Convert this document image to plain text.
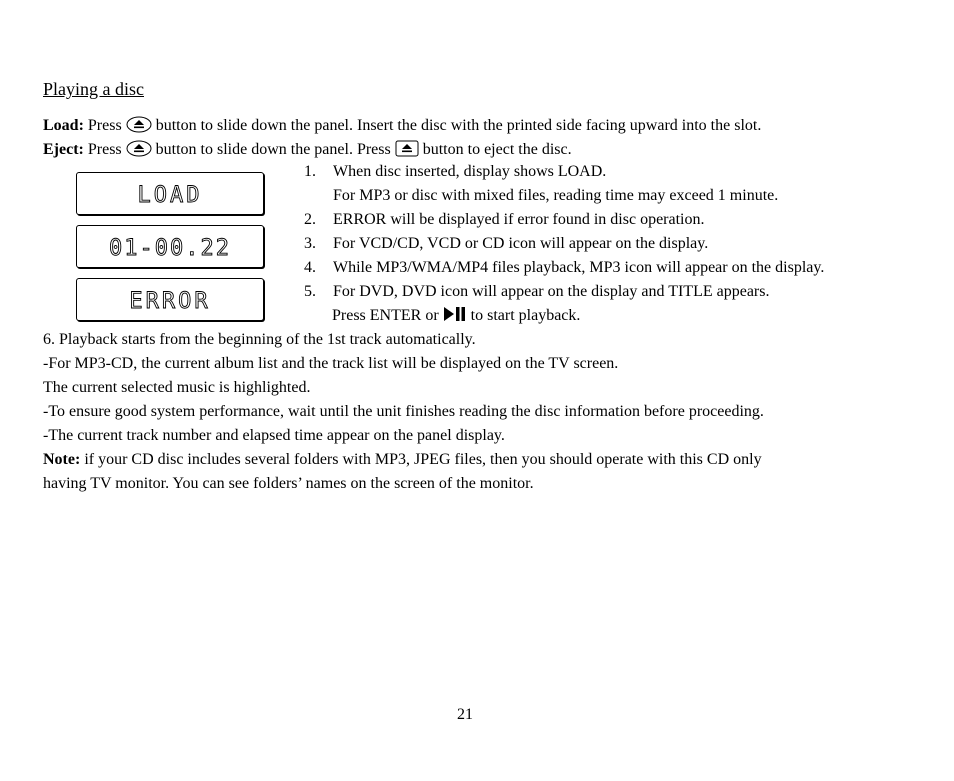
Playing a disc
Load: Press  button to slide down the panel. Insert the disc with the printed side facing upward into the slot.
Eject: Press  button to slide down the panel. Press  button to eject the disc.
LOAD
01-00.22
ERROR
1. When disc inserted, display shows LOAD.
For MP3 or disc with mixed files, reading time may exceed 1 minute.
2. ERROR will be displayed if error found in disc operation.
3. For VCD/CD, VCD or CD icon will appear on the display.
4. While MP3/WMA/MP4 files playback, MP3 icon will appear on the display.
5. For DVD, DVD icon will appear on the display and TITLE appears.
Press ENTER or  to start playback.
6. Playback starts from the beginning of the 1st track automatically.
-For MP3-CD, the current album list and the track list will be displayed on the TV screen.
The current selected music is highlighted.
-To ensure good system performance, wait until the unit finishes reading the disc information before proceeding.
-The current track number and elapsed time appear on the panel display.
Note: if your CD disc includes several folders with MP3, JPEG files, then you should operate with this CD only
having TV monitor. You can see folders’ names on the screen of the monitor.
21
